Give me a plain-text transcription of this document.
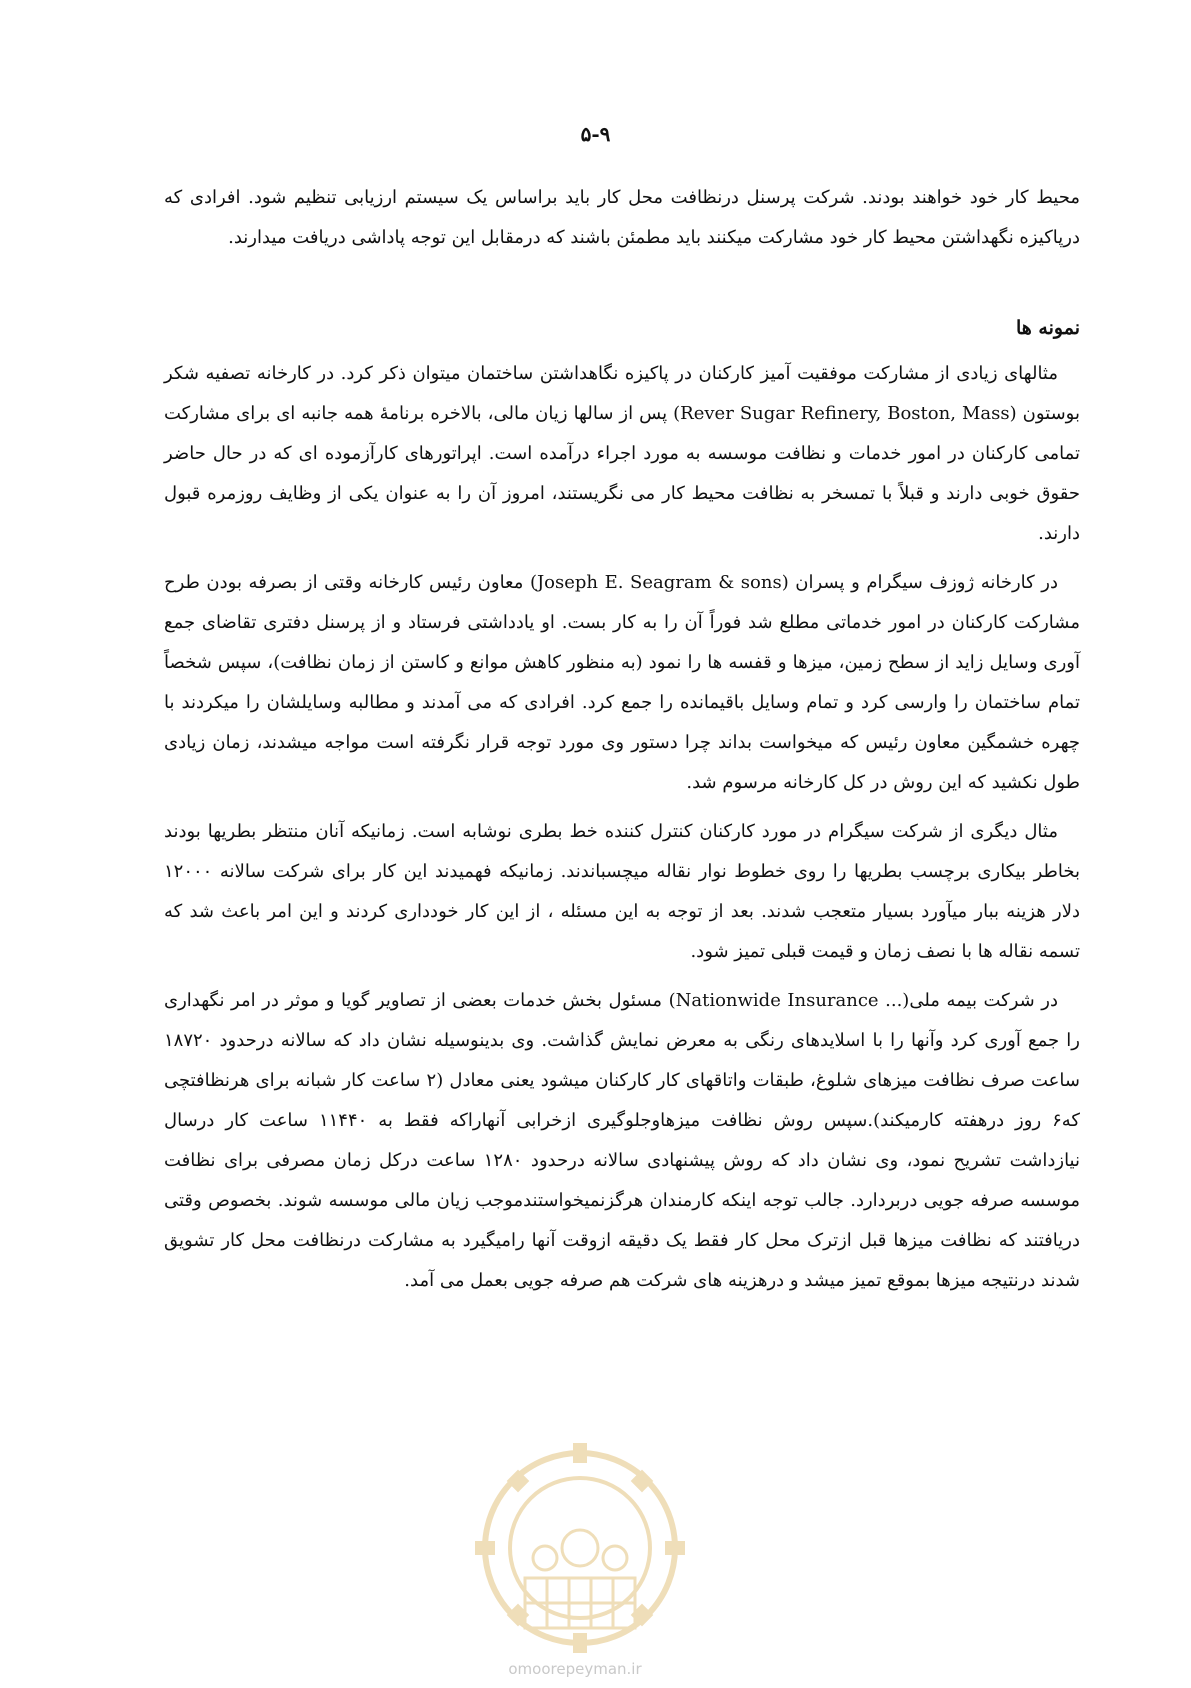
۵-۹

محیط کار خود خواهند بودند. شرکت پرسنل درنظافت محل کار باید براساس یک سیستم ارزیابی تنظیم شود. افرادی که درپاکیزه نگهداشتن محیط کار خود مشارکت میکنند باید مطمئن باشند که درمقابل این توجه پاداشی دریافت میدارند.

نمونه ها

مثالهای زیادی از مشارکت موفقیت آمیز کارکنان در پاکیزه نگاهداشتن ساختمان میتوان ذکر کرد. در کارخانه تصفیه شکر بوستون (Rever Sugar Refinery, Boston, Mass) پس از سالها زیان مالی، بالاخره برنامهٔ همه جانبه ای برای مشارکت تمامی کارکنان در امور خدمات و نظافت موسسه به مورد اجراء درآمده است. اپراتورهای کارآزموده ای که در حال حاضر حقوق خوبی دارند و قبلاً با تمسخر به نظافت محیط کار می نگریستند، امروز آن را به عنوان یکی از وظایف روزمره قبول دارند.

در کارخانه ژوزف سیگرام و پسران (Joseph E. Seagram & sons) معاون رئیس کارخانه وقتی از بصرفه بودن طرح مشارکت کارکنان در امور خدماتی مطلع شد فوراً آن را به کار بست. او یادداشتی فرستاد و از پرسنل دفتری تقاضای جمع آوری وسایل زاید از سطح زمین، میزها و قفسه ها را نمود (به منظور کاهش موانع و کاستن از زمان نظافت)، سپس شخصاً تمام ساختمان را وارسی کرد و تمام وسایل باقیمانده را جمع کرد. افرادی که می آمدند و مطالبه وسایلشان را میکردند با چهره خشمگین معاون رئیس که میخواست بداند چرا دستور وی مورد توجه قرار نگرفته است مواجه میشدند، زمان زیادی طول نکشید که این روش در کل کارخانه مرسوم شد.

مثال دیگری از شرکت سیگرام در مورد کارکنان کنترل کننده خط بطری نوشابه است. زمانیکه آنان منتظر بطریها بودند بخاطر بیکاری برچسب بطریها را روی خطوط نوار نقاله میچسباندند. زمانیکه فهمیدند این کار برای شرکت سالانه ۱۲۰۰۰ دلار هزینه ببار میآورد بسیار متعجب شدند. بعد از توجه به این مسئله ، از این کار خودداری کردند و این امر باعث شد که تسمه نقاله ها با نصف زمان و قیمت قبلی تمیز شود.

در شرکت بیمه ملی(... Nationwide Insurance) مسئول بخش خدمات بعضی از تصاویر گویا و موثر در امر نگهداری را جمع آوری کرد وآنها را با اسلایدهای رنگی به معرض نمایش گذاشت. وی بدینوسیله نشان داد که سالانه درحدود ۱۸۷۲۰ ساعت صرف نظافت میزهای شلوغ، طبقات واتاقهای کار کارکنان میشود یعنی معادل (۲ ساعت کار شبانه برای هرنظافتچی که۶ روز درهفته کارمیکند).سپس روش نظافت میزهاوجلوگیری ازخرابی آنهاراکه فقط به ۱۱۴۴۰ ساعت کار درسال نیازداشت تشریح نمود، وی نشان داد که روش پیشنهادی سالانه درحدود ۱۲۸۰ ساعت درکل زمان مصرفی برای نظافت موسسه صرفه جویی دربردارد. جالب توجه اینکه کارمندان هرگزنمیخواستندموجب زیان مالی موسسه شوند. بخصوص وقتی دریافتند که نظافت میزها قبل ازترک محل کار فقط یک دقیقه ازوقت آنها رامیگیرد به مشارکت درنظافت محل کار تشویق شدند درنتیجه میزها بموقع تمیز میشد و درهزینه های شرکت هم صرفه جویی بعمل می آمد.

omoorepeyman.ir
